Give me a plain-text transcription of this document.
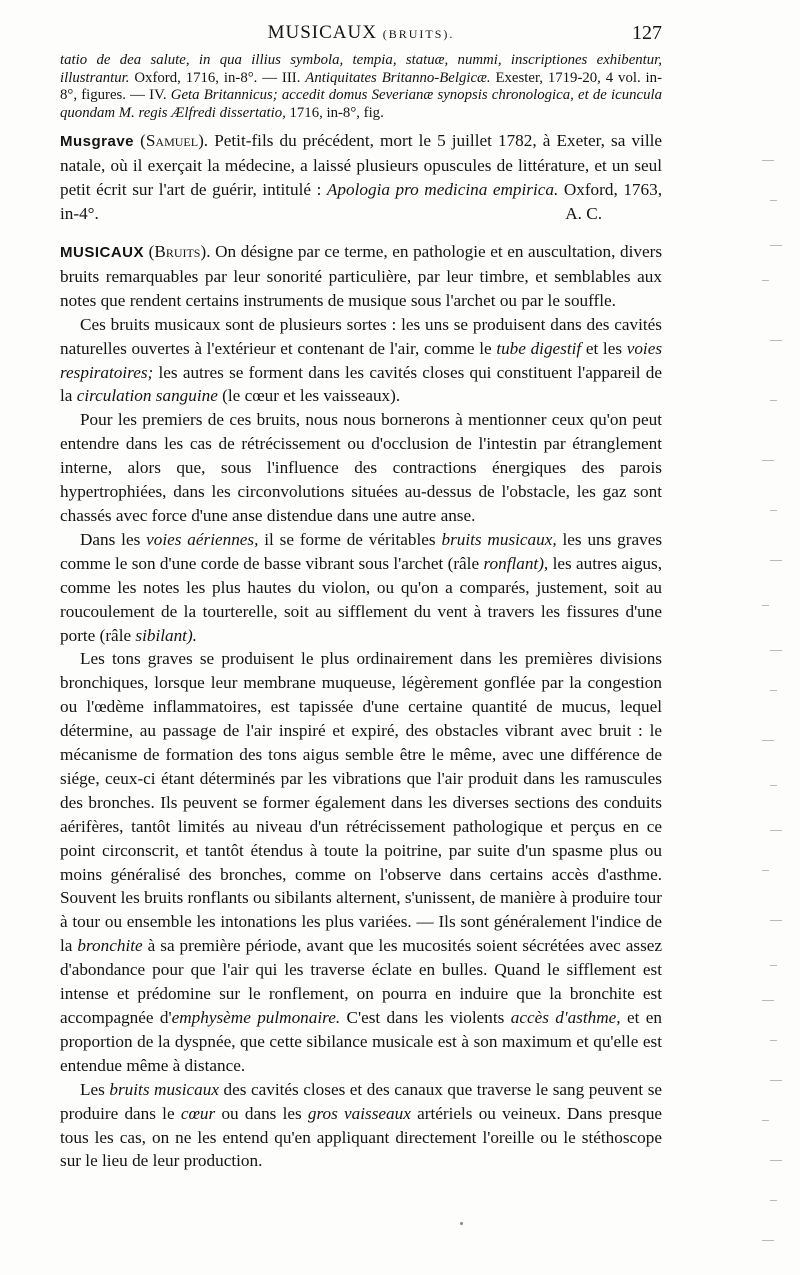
MUSICAUX (BRUITS).	127

tatio de dea salute, in qua illius symbola, tempia, statuæ, nummi, inscriptiones exhibentur, illustrantur. Oxford, 1716, in-8°. — III. Antiquitates Britanno-Belgicæ. Exester, 1719-20, 4 vol. in-8°, figures. — IV. Geta Britannicus; accedit domus Severianæ synopsis chronologica, et de icuncula quondam M. regis Ælfredi dissertatio, 1716, in-8°, fig.

Musgrave (Samuel). Petit-fils du précédent, mort le 5 juillet 1782, à Exeter, sa ville natale, où il exerçait la médecine, a laissé plusieurs opuscules de littérature, et un seul petit écrit sur l'art de guérir, intitulé : Apologia pro medicina empirica. Oxford, 1763, in-4°.	A. C.

MUSICAUX (Bruits). On désigne par ce terme, en pathologie et en auscultation, divers bruits remarquables par leur sonorité particulière, par leur timbre, et semblables aux notes que rendent certains instruments de musique sous l'archet ou par le souffle.

Ces bruits musicaux sont de plusieurs sortes : les uns se produisent dans des cavités naturelles ouvertes à l'extérieur et contenant de l'air, comme le tube digestif et les voies respiratoires; les autres se forment dans les cavités closes qui constituent l'appareil de la circulation sanguine (le cœur et les vaisseaux).

Pour les premiers de ces bruits, nous nous bornerons à mentionner ceux qu'on peut entendre dans les cas de rétrécissement ou d'occlusion de l'intestin par étranglement interne, alors que, sous l'influence des contractions énergiques des parois hypertrophiées, dans les circonvolutions situées au-dessus de l'obstacle, les gaz sont chassés avec force d'une anse distendue dans une autre anse.

Dans les voies aériennes, il se forme de véritables bruits musicaux, les uns graves comme le son d'une corde de basse vibrant sous l'archet (râle ronflant), les autres aigus, comme les notes les plus hautes du violon, ou qu'on a comparés, justement, soit au roucoulement de la tourterelle, soit au sifflement du vent à travers les fissures d'une porte (râle sibilant).

Les tons graves se produisent le plus ordinairement dans les premières divisions bronchiques, lorsque leur membrane muqueuse, légèrement gonflée par la congestion ou l'œdème inflammatoires, est tapissée d'une certaine quantité de mucus, lequel détermine, au passage de l'air inspiré et expiré, des obstacles vibrant avec bruit : le mécanisme de formation des tons aigus semble être le même, avec une différence de siége, ceux-ci étant déterminés par les vibrations que l'air produit dans les ramuscules des bronches. Ils peuvent se former également dans les diverses sections des conduits aérifères, tantôt limités au niveau d'un rétrécissement pathologique et perçus en ce point circonscrit, et tantôt étendus à toute la poitrine, par suite d'un spasme plus ou moins généralisé des bronches, comme on l'observe dans certains accès d'asthme. Souvent les bruits ronflants ou sibilants alternent, s'unissent, de manière à produire tour à tour ou ensemble les intonations les plus variées. — Ils sont généralement l'indice de la bronchite à sa première période, avant que les mucosités soient sécrétées avec assez d'abondance pour que l'air qui les traverse éclate en bulles. Quand le sifflement est intense et prédomine sur le ronflement, on pourra en induire que la bronchite est accompagnée d'emphysème pulmonaire. C'est dans les violents accès d'asthme, et en proportion de la dyspnée, que cette sibilance musicale est à son maximum et qu'elle est entendue même à distance.

Les bruits musicaux des cavités closes et des canaux que traverse le sang peuvent se produire dans le cœur ou dans les gros vaisseaux artériels ou veineux. Dans presque tous les cas, on ne les entend qu'en appliquant directement l'oreille ou le stéthoscope sur le lieu de leur production.
